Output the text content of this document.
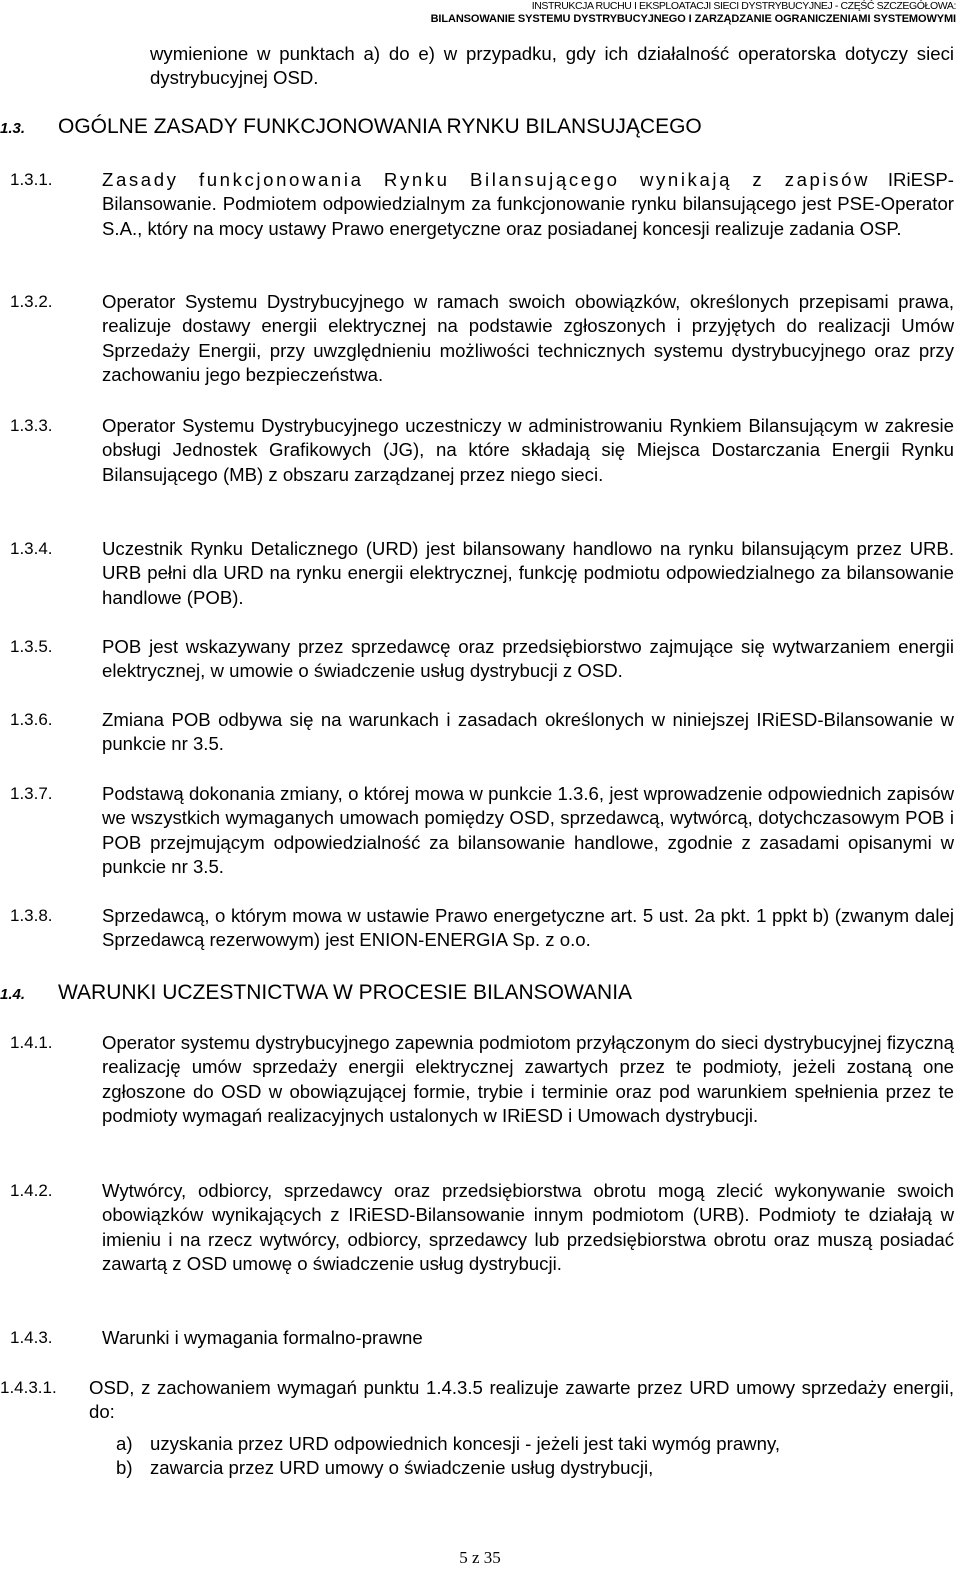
INSTRUKCJA RUCHU I EKSPLOATACJI SIECI DYSTRYBUCYJNEJ - CZĘŚĆ SZCZEGÓŁOWA:
BILANSOWANIE SYSTEMU DYSTRYBUCYJNEGO I ZARZĄDZANIE OGRANICZENIAMI SYSTEMOWYMI
wymienione w punktach a) do e) w przypadku, gdy ich działalność operatorska dotyczy sieci dystrybucyjnej OSD.
1.3. OGÓLNE ZASADY FUNKCJONOWANIA RYNKU BILANSUJĄCEGO
1.3.1.	Zasady funkcjonowania Rynku Bilansującego wynikają z zapisów IRiESP-Bilansowanie. Podmiotem odpowiedzialnym za funkcjonowanie rynku bilansującego jest PSE-Operator S.A., który na mocy ustawy Prawo energetyczne oraz posiadanej koncesji realizuje zadania OSP.
1.3.2.	Operator Systemu Dystrybucyjnego w ramach swoich obowiązków, określonych przepisami prawa, realizuje dostawy energii elektrycznej na podstawie zgłoszonych i przyjętych do realizacji Umów Sprzedaży Energii, przy uwzględnieniu możliwości technicznych systemu dystrybucyjnego oraz przy zachowaniu jego bezpieczeństwa.
1.3.3.	Operator Systemu Dystrybucyjnego uczestniczy w administrowaniu Rynkiem Bilansującym w zakresie obsługi Jednostek Grafikowych (JG), na które składają się Miejsca Dostarczania Energii Rynku Bilansującego (MB) z obszaru zarządzanej przez niego sieci.
1.3.4.	Uczestnik Rynku Detalicznego (URD) jest bilansowany handlowo na rynku bilansującym przez URB. URB pełni dla URD na rynku energii elektrycznej, funkcję podmiotu odpowiedzialnego za bilansowanie handlowe (POB).
1.3.5.	POB jest wskazywany przez sprzedawcę oraz przedsiębiorstwo zajmujące się wytwarzaniem energii elektrycznej, w umowie o świadczenie usług dystrybucji z OSD.
1.3.6.	Zmiana POB odbywa się na warunkach i zasadach określonych w niniejszej IRiESD-Bilansowanie w punkcie nr 3.5.
1.3.7.	Podstawą dokonania zmiany, o której mowa w punkcie 1.3.6, jest wprowadzenie odpowiednich zapisów we wszystkich wymaganych umowach pomiędzy OSD, sprzedawcą, wytwórcą, dotychczasowym POB i POB przejmującym odpowiedzialność za bilansowanie handlowe, zgodnie z zasadami opisanymi w punkcie nr 3.5.
1.3.8.	Sprzedawcą, o którym mowa w ustawie Prawo energetyczne art. 5 ust. 2a pkt. 1 ppkt b) (zwanym dalej Sprzedawcą rezerwowym) jest ENION-ENERGIA Sp. z o.o.
1.4. WARUNKI UCZESTNICTWA W PROCESIE BILANSOWANIA
1.4.1.	Operator systemu dystrybucyjnego zapewnia podmiotom przyłączonym do sieci dystrybucyjnej fizyczną realizację umów sprzedaży energii elektrycznej zawartych przez te podmioty, jeżeli zostaną one zgłoszone do OSD w obowiązującej formie, trybie i terminie oraz pod warunkiem spełnienia przez te podmioty wymagań realizacyjnych ustalonych w IRiESD i Umowach dystrybucji.
1.4.2.	Wytwórcy, odbiorcy, sprzedawcy oraz przedsiębiorstwa obrotu mogą zlecić wykonywanie swoich obowiązków wynikających z IRiESD-Bilansowanie innym podmiotom (URB). Podmioty te działają w imieniu i na rzecz wytwórcy, odbiorcy, sprzedawcy lub przedsiębiorstwa obrotu oraz muszą posiadać zawartą z OSD umowę o świadczenie usług dystrybucji.
1.4.3.	Warunki i wymagania formalno-prawne
1.4.3.1. OSD, z zachowaniem wymagań punktu 1.4.3.5 realizuje zawarte przez URD umowy sprzedaży energii, do:
a) uzyskania przez URD odpowiednich koncesji - jeżeli jest taki wymóg prawny,
b) zawarcia przez URD umowy o świadczenie usług dystrybucji,
5 z 35
